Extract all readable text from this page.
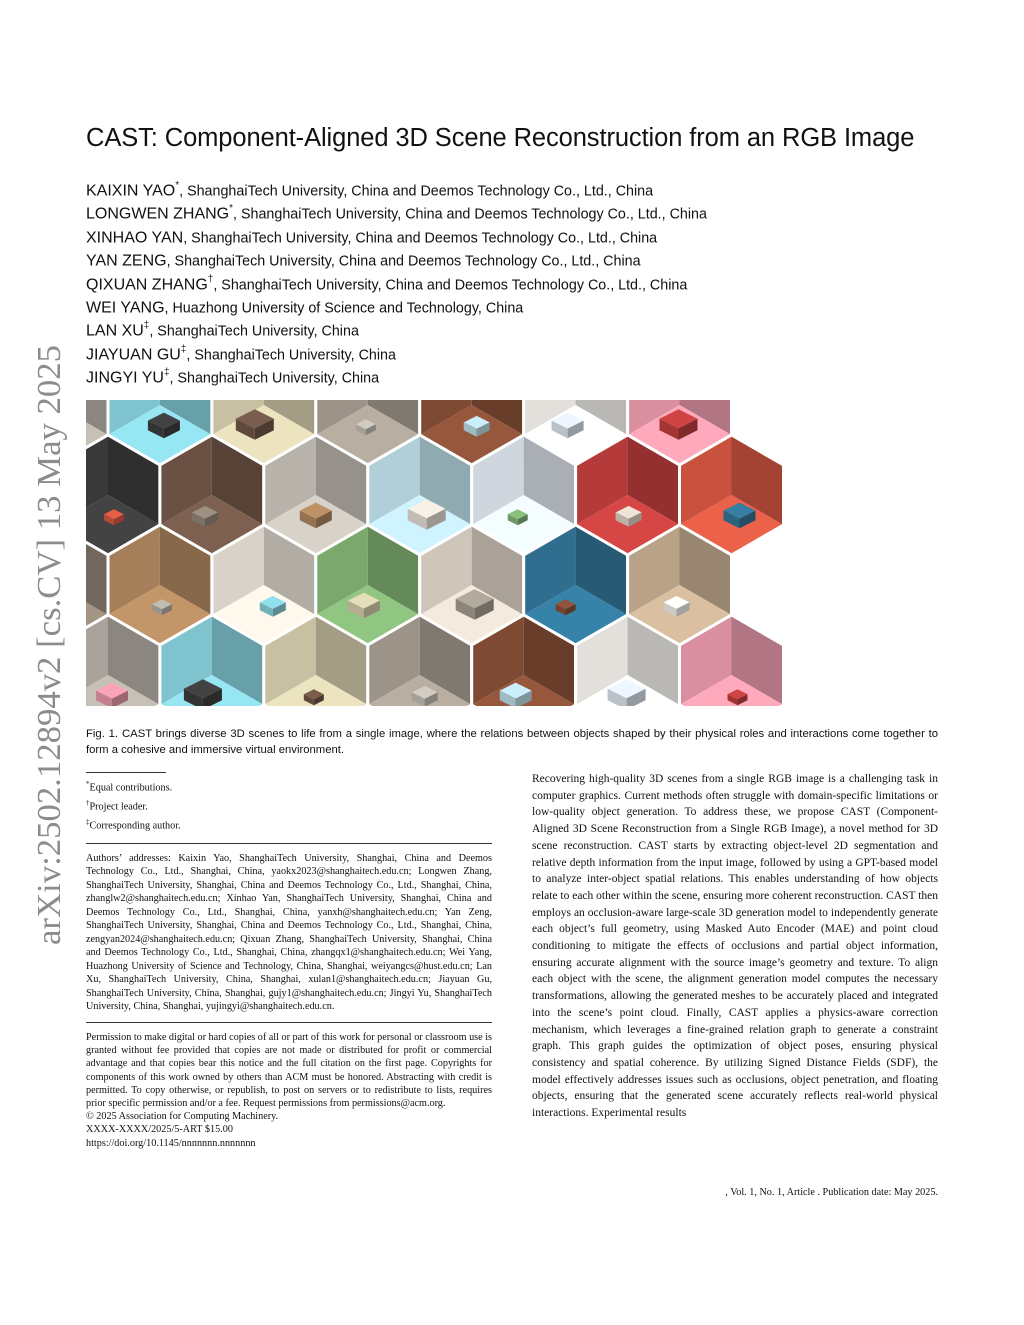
arXiv:2502.12894v2 [cs.CV] 13 May 2025
CAST: Component-Aligned 3D Scene Reconstruction from an RGB Image
KAIXIN YAO*, ShanghaiTech University, China and Deemos Technology Co., Ltd., China
LONGWEN ZHANG*, ShanghaiTech University, China and Deemos Technology Co., Ltd., China
XINHAO YAN, ShanghaiTech University, China and Deemos Technology Co., Ltd., China
YAN ZENG, ShanghaiTech University, China and Deemos Technology Co., Ltd., China
QIXUAN ZHANG†, ShanghaiTech University, China and Deemos Technology Co., Ltd., China
WEI YANG, Huazhong University of Science and Technology, China
LAN XU‡, ShanghaiTech University, China
JIAYUAN GU‡, ShanghaiTech University, China
JINGYI YU‡, ShanghaiTech University, China
Fig. 1. CAST brings diverse 3D scenes to life from a single image, where the relations between objects shaped by their physical roles and interactions come together to form a cohesive and immersive virtual environment.
*Equal contributions.
†Project leader.
‡Corresponding author.
Authors’ addresses: Kaixin Yao, ShanghaiTech University, Shanghai, China and Deemos Technology Co., Ltd., Shanghai, China, yaokx2023@shanghaitech.edu.cn; Longwen Zhang, ShanghaiTech University, Shanghai, China and Deemos Technology Co., Ltd., Shanghai, China, zhanglw2@shanghaitech.edu.cn; Xinhao Yan, ShanghaiTech University, Shanghai, China and Deemos Technology Co., Ltd., Shanghai, China, yanxh@shanghaitech.edu.cn; Yan Zeng, ShanghaiTech University, Shanghai, China and Deemos Technology Co., Ltd., Shanghai, China, zengyan2024@shanghaitech.edu.cn; Qixuan Zhang, ShanghaiTech University, Shanghai, China and Deemos Technology Co., Ltd., Shanghai, China, zhangqx1@shanghaitech.edu.cn; Wei Yang, Huazhong University of Science and Technology, China, Shanghai, weiyangcs@hust.edu.cn; Lan Xu, ShanghaiTech University, China, Shanghai, xulan1@shanghaitech.edu.cn; Jiayuan Gu, ShanghaiTech University, China, Shanghai, gujy1@shanghaitech.edu.cn; Jingyi Yu, ShanghaiTech University, China, Shanghai, yujingyi@shanghaitech.edu.cn.
Permission to make digital or hard copies of all or part of this work for personal or classroom use is granted without fee provided that copies are not made or distributed for profit or commercial advantage and that copies bear this notice and the full citation on the first page. Copyrights for components of this work owned by others than ACM must be honored. Abstracting with credit is permitted. To copy otherwise, or republish, to post on servers or to redistribute to lists, requires prior specific permission and/or a fee. Request permissions from permissions@acm.org.
© 2025 Association for Computing Machinery.
XXXX-XXXX/2025/5-ART $15.00
https://doi.org/10.1145/nnnnnnn.nnnnnnn
Recovering high-quality 3D scenes from a single RGB image is a challenging task in computer graphics. Current methods often struggle with domain-specific limitations or low-quality object generation. To address these, we propose CAST (Component-Aligned 3D Scene Reconstruction from a Single RGB Image), a novel method for 3D scene reconstruction. CAST starts by extracting object-level 2D segmentation and relative depth information from the input image, followed by using a GPT-based model to analyze inter-object spatial relations. This enables understanding of how objects relate to each other within the scene, ensuring more coherent reconstruction. CAST then employs an occlusion-aware large-scale 3D generation model to independently generate each object’s full geometry, using Masked Auto Encoder (MAE) and point cloud conditioning to mitigate the effects of occlusions and partial object information, ensuring accurate alignment with the source image’s geometry and texture. To align each object with the scene, the alignment generation model computes the necessary transformations, allowing the generated meshes to be accurately placed and integrated into the scene’s point cloud. Finally, CAST applies a physics-aware correction mechanism, which leverages a fine-grained relation graph to generate a constraint graph. This graph guides the optimization of object poses, ensuring physical consistency and spatial coherence. By utilizing Signed Distance Fields (SDF), the model effectively addresses issues such as occlusions, object penetration, and floating objects, ensuring that the generated scene accurately reflects real-world physical interactions. Experimental results
, Vol. 1, No. 1, Article . Publication date: May 2025.
